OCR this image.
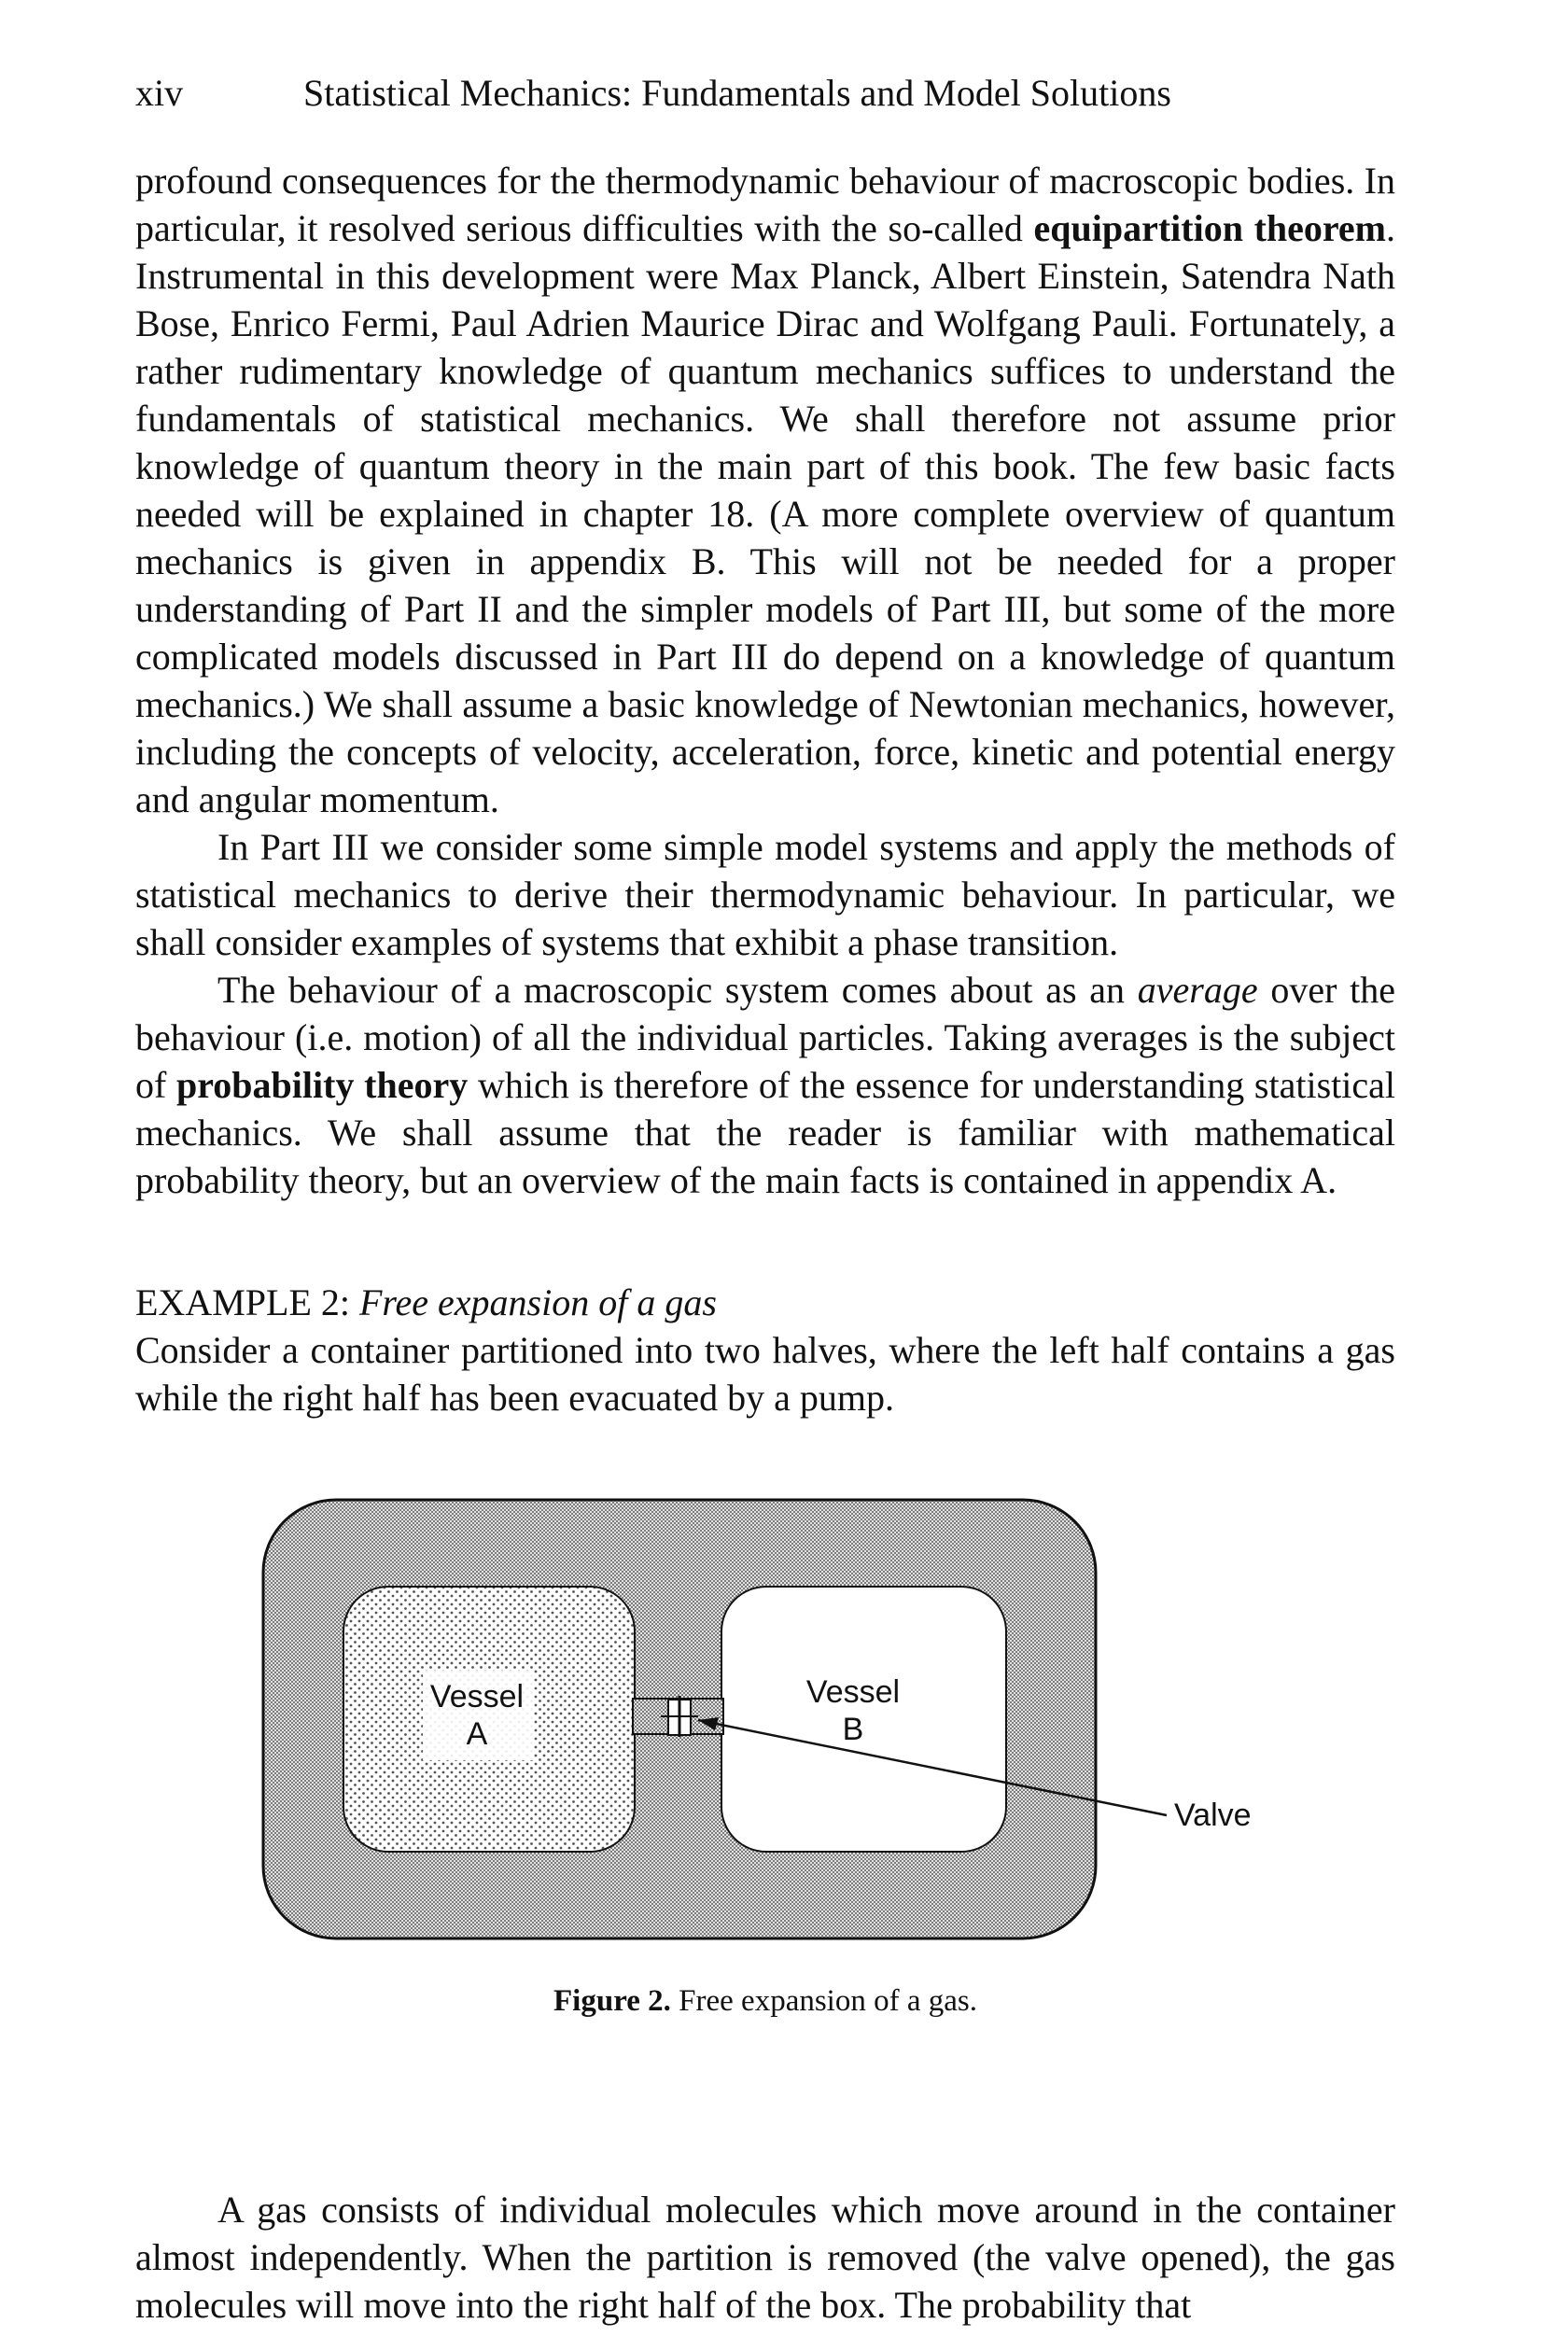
xiv	Statistical Mechanics: Fundamentals and Model Solutions

profound consequences for the thermodynamic behaviour of macroscopic bodies. In particular, it resolved serious difficulties with the so-called equipartition theorem. Instrumental in this development were Max Planck, Albert Einstein, Satendra Nath Bose, Enrico Fermi, Paul Adrien Maurice Dirac and Wolfgang Pauli. Fortunately, a rather rudimentary knowledge of quantum mechanics suffices to understand the fundamentals of statistical mechanics. We shall therefore not assume prior knowledge of quantum theory in the main part of this book. The few basic facts needed will be explained in chapter 18. (A more complete overview of quantum mechanics is given in appendix B. This will not be needed for a proper understanding of Part II and the simpler models of Part III, but some of the more complicated models discussed in Part III do depend on a knowledge of quantum mechanics.) We shall assume a basic knowledge of Newtonian mechanics, however, including the concepts of velocity, acceleration, force, kinetic and potential energy and angular momentum.

In Part III we consider some simple model systems and apply the methods of statistical mechanics to derive their thermodynamic behaviour. In particular, we shall consider examples of systems that exhibit a phase transition.

The behaviour of a macroscopic system comes about as an average over the behaviour (i.e. motion) of all the individual particles. Taking averages is the subject of probability theory which is therefore of the essence for understanding statistical mechanics. We shall assume that the reader is familiar with mathematical probability theory, but an overview of the main facts is contained in appendix A.

EXAMPLE 2: Free expansion of a gas

Consider a container partitioned into two halves, where the left half contains a gas while the right half has been evacuated by a pump.

Vessel
A
Vessel
B
Valve
Figure 2. Free expansion of a gas.

A gas consists of individual molecules which move around in the container almost independently. When the partition is removed (the valve opened), the gas molecules will move into the right half of the box. The probability that
